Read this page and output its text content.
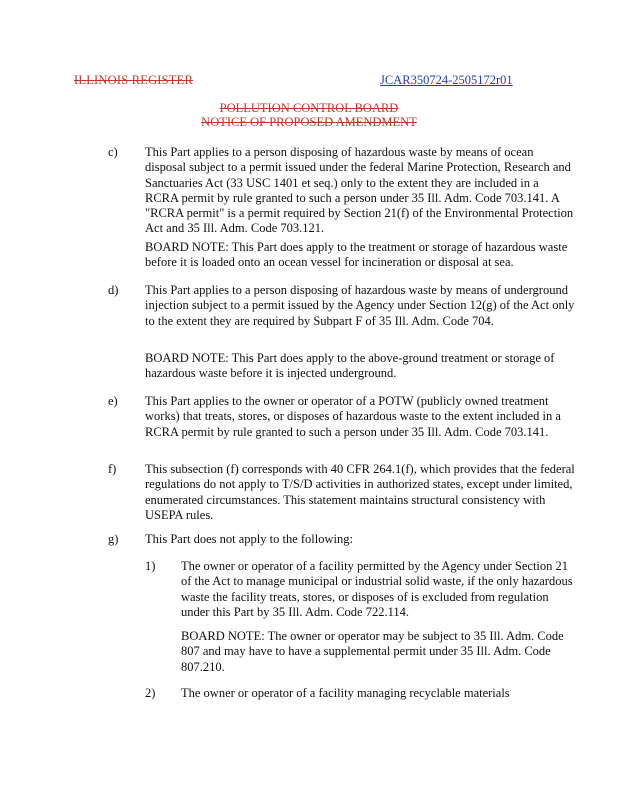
ILLINOIS REGISTER	JCAR350724-2505172r01
POLLUTION CONTROL BOARD
NOTICE OF PROPOSED AMENDMENT
c) This Part applies to a person disposing of hazardous waste by means of ocean disposal subject to a permit issued under the federal Marine Protection, Research and Sanctuaries Act (33 USC 1401 et seq.) only to the extent they are included in a RCRA permit by rule granted to such a person under 35 Ill. Adm. Code 703.141. A "RCRA permit" is a permit required by Section 21(f) of the Environmental Protection Act and 35 Ill. Adm. Code 703.121.
BOARD NOTE: This Part does apply to the treatment or storage of hazardous waste before it is loaded onto an ocean vessel for incineration or disposal at sea.
d) This Part applies to a person disposing of hazardous waste by means of underground injection subject to a permit issued by the Agency under Section 12(g) of the Act only to the extent they are required by Subpart F of 35 Ill. Adm. Code 704.
BOARD NOTE: This Part does apply to the above-ground treatment or storage of hazardous waste before it is injected underground.
e) This Part applies to the owner or operator of a POTW (publicly owned treatment works) that treats, stores, or disposes of hazardous waste to the extent included in a RCRA permit by rule granted to such a person under 35 Ill. Adm. Code 703.141.
f) This subsection (f) corresponds with 40 CFR 264.1(f), which provides that the federal regulations do not apply to T/S/D activities in authorized states, except under limited, enumerated circumstances. This statement maintains structural consistency with USEPA rules.
g) This Part does not apply to the following:
1) The owner or operator of a facility permitted by the Agency under Section 21 of the Act to manage municipal or industrial solid waste, if the only hazardous waste the facility treats, stores, or disposes of is excluded from regulation under this Part by 35 Ill. Adm. Code 722.114.
BOARD NOTE: The owner or operator may be subject to 35 Ill. Adm. Code 807 and may have to have a supplemental permit under 35 Ill. Adm. Code 807.210.
2) The owner or operator of a facility managing recyclable materials
